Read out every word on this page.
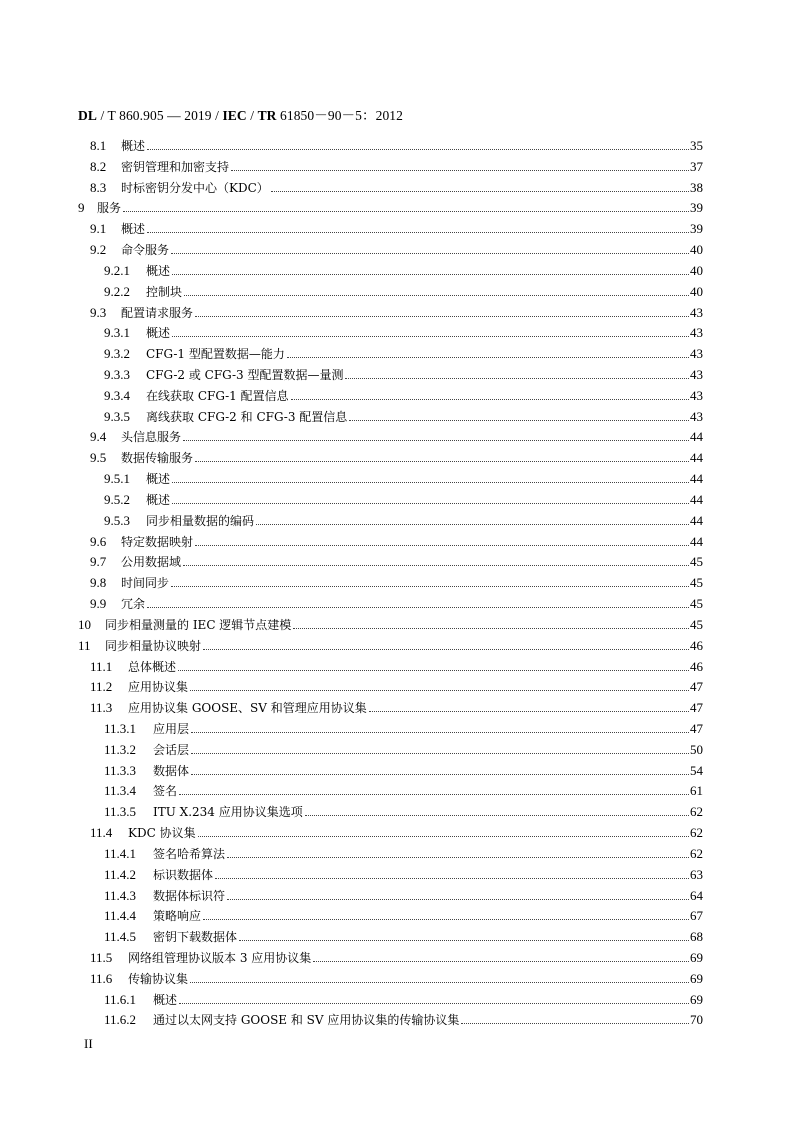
DL / T 860.905 — 2019 / IEC / TR 61850－90－5：2012
8.1	概述	35
8.2	密钥管理和加密支持	37
8.3	时标密钥分发中心（KDC）	38
9	服务	39
9.1	概述	39
9.2	命令服务	40
9.2.1	概述	40
9.2.2	控制块	40
9.3	配置请求服务	43
9.3.1	概述	43
9.3.2	CFG-1 型配置数据—能力	43
9.3.3	CFG-2 或 CFG-3 型配置数据—量测	43
9.3.4	在线获取 CFG-1 配置信息	43
9.3.5	离线获取 CFG-2 和 CFG-3 配置信息	43
9.4	头信息服务	44
9.5	数据传输服务	44
9.5.1	概述	44
9.5.2	概述	44
9.5.3	同步相量数据的编码	44
9.6	特定数据映射	44
9.7	公用数据域	45
9.8	时间同步	45
9.9	冗余	45
10	同步相量测量的 IEC 逻辑节点建模	45
11	同步相量协议映射	46
11.1	总体概述	46
11.2	应用协议集	47
11.3	应用协议集 GOOSE、SV 和管理应用协议集	47
11.3.1	应用层	47
11.3.2	会话层	50
11.3.3	数据体	54
11.3.4	签名	61
11.3.5	ITU X.234 应用协议集选项	62
11.4	KDC 协议集	62
11.4.1	签名哈希算法	62
11.4.2	标识数据体	63
11.4.3	数据体标识符	64
11.4.4	策略响应	67
11.4.5	密钥下载数据体	68
11.5	网络组管理协议版本 3 应用协议集	69
11.6	传输协议集	69
11.6.1	概述	69
11.6.2	通过以太网支持 GOOSE 和 SV 应用协议集的传输协议集	70
II
